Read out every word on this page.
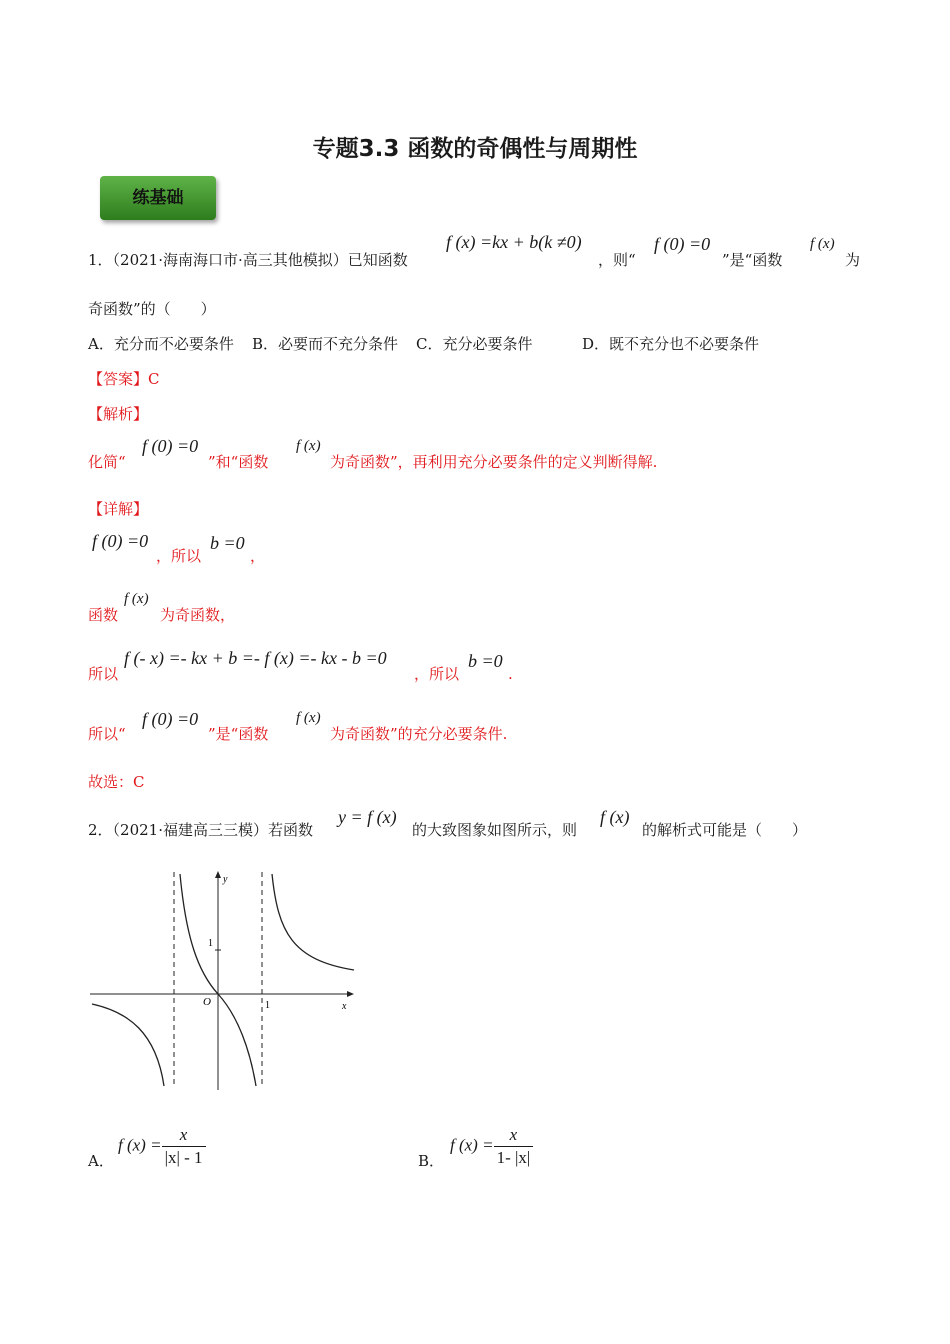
专题3.3 函数的奇偶性与周期性
练基础
1．（2021·海南海口市·高三其他模拟）已知函数
f (x) =kx + b(k ≠0)
，则“
f (0) =0
”是“函数
f (x)
为
奇函数”的（　　）
A．充分而不必要条件 B．必要而不充分条件 C．充分必要条件	D．既不充分也不必要条件
【答案】C
【解析】
化简“
f (0) =0
”和“函数
f (x)
为奇函数”，再利用充分必要条件的定义判断得解.
【详解】
f (0) =0
，所以
b =0
，
函数
f (x)
为奇函数，
所以
f (- x) =- kx + b =- f (x) =- kx - b =0
，所以
b =0
.
所以“
f (0) =0
”是“函数
f (x)
为奇函数”的充分必要条件.
故选：C
2．（2021·福建高三三模）若函数
y = f (x)
的大致图象如图所示，则
f (x)
的解析式可能是（　　）
y
x
O	1
1
A．
f $(x) = \frac{x}{|x| - 1}$	B．
f $(x) = \frac{x}{1- |x|}$
